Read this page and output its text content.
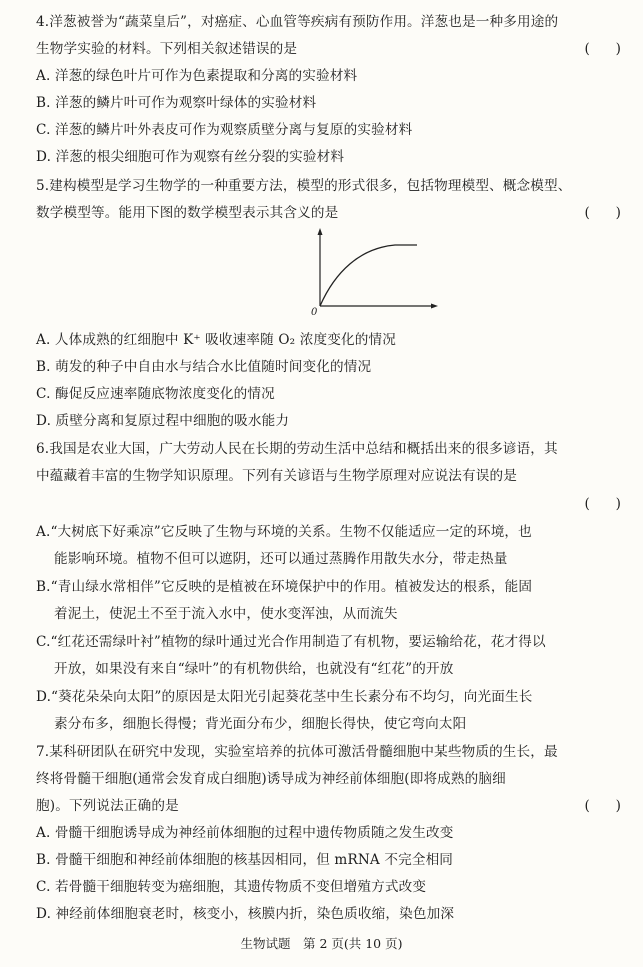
4.洋葱被誉为“蔬菜皇后”，对癌症、心血管等疾病有预防作用。洋葱也是一种多用途的
生物学实验的材料。下列相关叙述错误的是	(      )
A. 洋葱的绿色叶片可作为色素提取和分离的实验材料
B. 洋葱的鳞片叶可作为观察叶绿体的实验材料
C. 洋葱的鳞片叶外表皮可作为观察质壁分离与复原的实验材料
D. 洋葱的根尖细胞可作为观察有丝分裂的实验材料
5.建构模型是学习生物学的一种重要方法，模型的形式很多，包括物理模型、概念模型、
数学模型等。能用下图的数学模型表示其含义的是	(      )
0
A. 人体成熟的红细胞中 K⁺ 吸收速率随 O₂ 浓度变化的情况
B. 萌发的种子中自由水与结合水比值随时间变化的情况
C. 酶促反应速率随底物浓度变化的情况
D. 质壁分离和复原过程中细胞的吸水能力
6.我国是农业大国，广大劳动人民在长期的劳动生活中总结和概括出来的很多谚语，其
中蕴藏着丰富的生物学知识原理。下列有关谚语与生物学原理对应说法有误的是
(      )
A.“大树底下好乘凉”它反映了生物与环境的关系。生物不仅能适应一定的环境，也
能影响环境。植物不但可以遮阴，还可以通过蒸腾作用散失水分，带走热量
B.“青山绿水常相伴”它反映的是植被在环境保护中的作用。植被发达的根系，能固
着泥土，使泥土不至于流入水中，使水变浑浊，从而流失
C.“红花还需绿叶衬”植物的绿叶通过光合作用制造了有机物，要运输给花，花才得以
开放，如果没有来自“绿叶”的有机物供给，也就没有“红花”的开放
D.“葵花朵朵向太阳”的原因是太阳光引起葵花茎中生长素分布不均匀，向光面生长
素分布多，细胞长得慢；背光面分布少，细胞长得快，使它弯向太阳
7.某科研团队在研究中发现，实验室培养的抗体可激活骨髓细胞中某些物质的生长，最
终将骨髓干细胞(通常会发育成白细胞)诱导成为神经前体细胞(即将成熟的脑细
胞)。下列说法正确的是	(      )
A. 骨髓干细胞诱导成为神经前体细胞的过程中遗传物质随之发生改变
B. 骨髓干细胞和神经前体细胞的核基因相同，但 mRNA 不完全相同
C. 若骨髓干细胞转变为癌细胞，其遗传物质不变但增殖方式改变
D. 神经前体细胞衰老时，核变小，核膜内折，染色质收缩，染色加深
生物试题　第 2 页(共 10 页)
